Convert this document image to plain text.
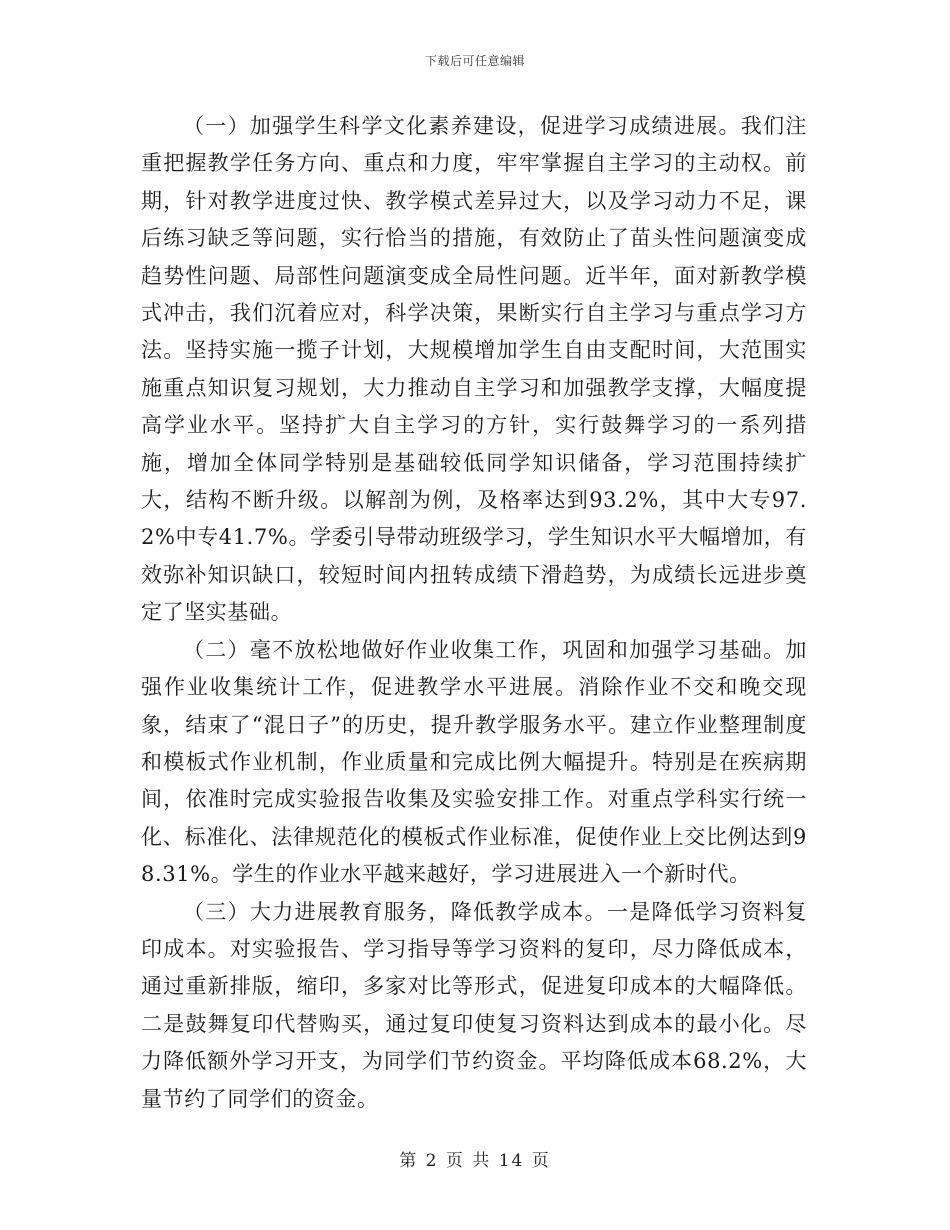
下载后可任意编辑

（一）加强学生科学文化素养建设，促进学习成绩进展。我们注重把握教学任务方向、重点和力度，牢牢掌握自主学习的主动权。前期，针对教学进度过快、教学模式差异过大，以及学习动力不足，课后练习缺乏等问题，实行恰当的措施，有效防止了苗头性问题演变成趋势性问题、局部性问题演变成全局性问题。近半年，面对新教学模式冲击，我们沉着应对，科学决策，果断实行自主学习与重点学习方法。坚持实施一揽子计划，大规模增加学生自由支配时间，大范围实施重点知识复习规划，大力推动自主学习和加强教学支撑，大幅度提高学业水平。坚持扩大自主学习的方针，实行鼓舞学习的一系列措施，增加全体同学特别是基础较低同学知识储备，学习范围持续扩大，结构不断升级。以解剖为例，及格率达到93.2%，其中大专97.2%中专41.7%。学委引导带动班级学习，学生知识水平大幅增加，有效弥补知识缺口，较短时间内扭转成绩下滑趋势，为成绩长远进步奠定了坚实基础。

（二）毫不放松地做好作业收集工作，巩固和加强学习基础。加强作业收集统计工作，促进教学水平进展。消除作业不交和晚交现象，结束了“混日子”的历史，提升教学服务水平。建立作业整理制度和模板式作业机制，作业质量和完成比例大幅提升。特别是在疾病期间，依准时完成实验报告收集及实验安排工作。对重点学科实行统一化、标准化、法律规范化的模板式作业标准，促使作业上交比例达到98.31%。学生的作业水平越来越好，学习进展进入一个新时代。

（三）大力进展教育服务，降低教学成本。一是降低学习资料复印成本。对实验报告、学习指导等学习资料的复印，尽力降低成本，通过重新排版，缩印，多家对比等形式，促进复印成本的大幅降低。二是鼓舞复印代替购买，通过复印使复习资料达到成本的最小化。尽力降低额外学习开支，为同学们节约资金。平均降低成本68.2%，大量节约了同学们的资金。

第 2 页 共 14 页
